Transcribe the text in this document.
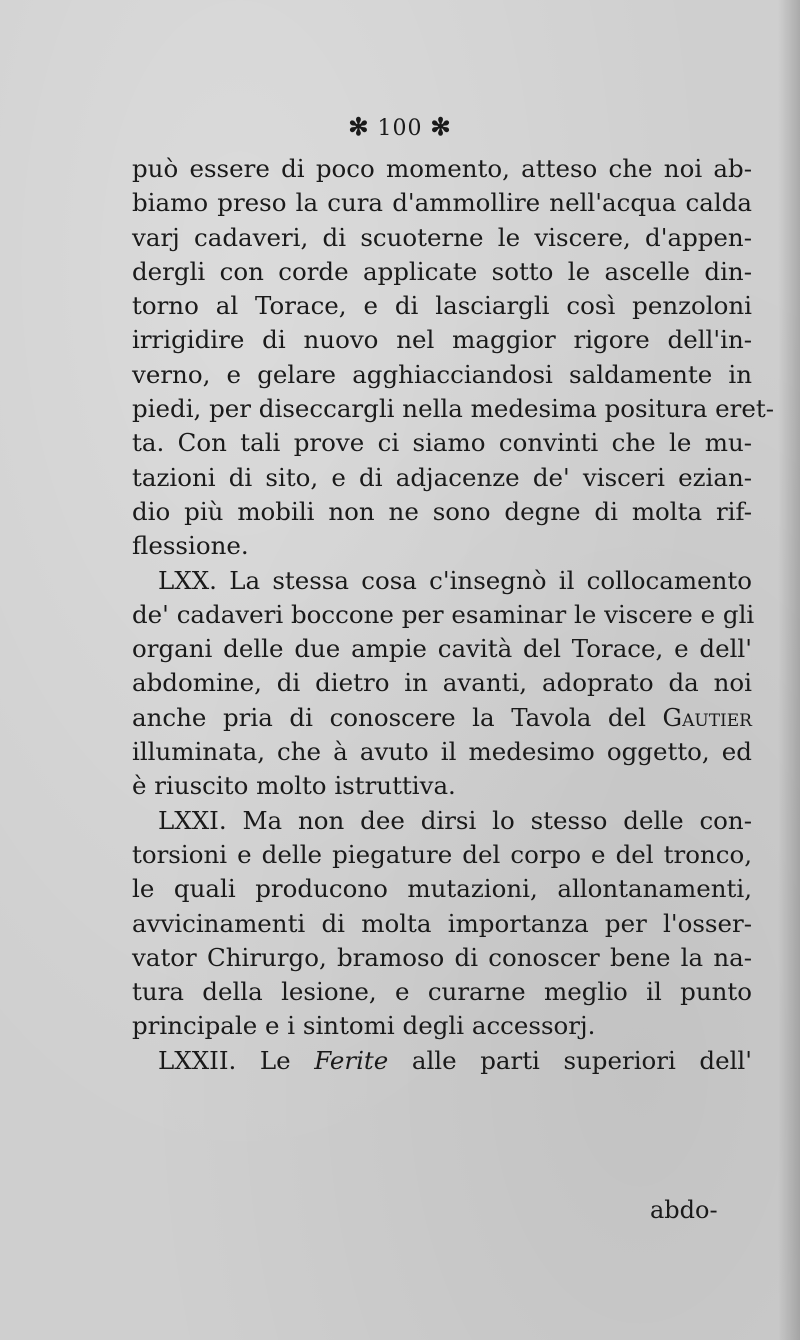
✻ 100 ✻
può essere di poco momento, atteso che noi ab-
biamo preso la cura d'ammollire nell'acqua calda
varj cadaveri, di scuoterne le viscere, d'appen-
dergli con corde applicate sotto le ascelle din-
torno al Torace, e di lasciargli così penzoloni
irrigidire di nuovo nel maggior rigore dell'in-
verno, e gelare agghiacciandosi saldamente in
piedi, per diseccargli nella medesima positura eret-
ta. Con tali prove ci siamo convinti che le mu-
tazioni di sito, e di adjacenze de' visceri ezian-
dio più mobili non ne sono degne di molta rif-
flessione.
LXX. La stessa cosa c'insegnò il collocamento
de' cadaveri boccone per esaminar le viscere e gli
organi delle due ampie cavità del Torace, e dell'
abdomine, di dietro in avanti, adoprato da noi
anche pria di conoscere la Tavola del Gautier
illuminata, che à avuto il medesimo oggetto, ed
è riuscito molto istruttiva.
LXXI. Ma non dee dirsi lo stesso delle con-
torsioni e delle piegature del corpo e del tronco,
le quali producono mutazioni, allontanamenti,
avvicinamenti di molta importanza per l'osser-
vator Chirurgo, bramoso di conoscer bene la na-
tura della lesione, e curarne meglio il punto
principale e i sintomi degli accessorj.
LXXII. Le Ferite alle parti superiori dell'
abdo-
